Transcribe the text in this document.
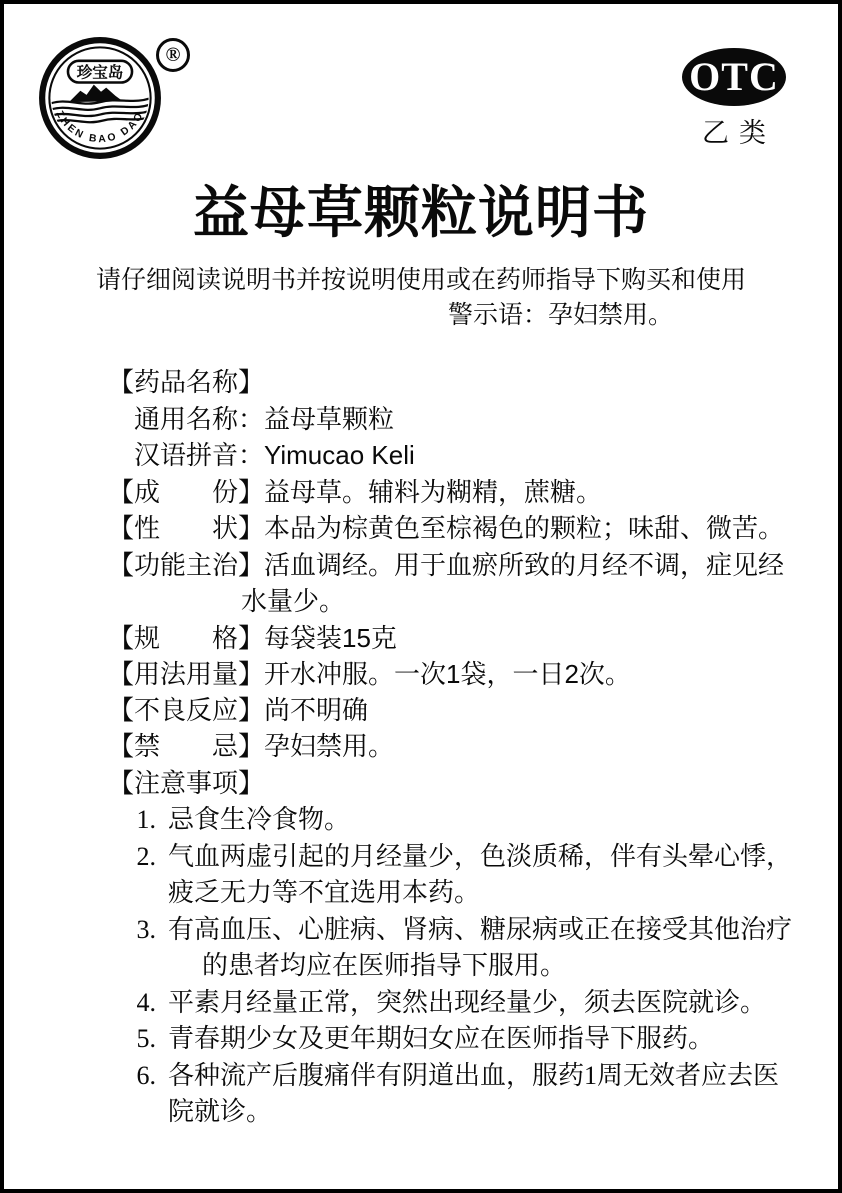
珍宝岛
ZHEN BAO DAO
®	OTC
乙类
益母草颗粒说明书
请仔细阅读说明书并按说明使用或在药师指导下购买和使用
警示语：孕妇禁用。
【药品名称】
通用名称：益母草颗粒
汉语拼音：Yimucao Keli
【成　　份】益母草。辅料为糊精，蔗糖。
【性　　状】本品为棕黄色至棕褐色的颗粒；味甜、微苦。
【功能主治】活血调经。用于血瘀所致的月经不调，症见经
水量少。
【规　　格】每袋装15克
【用法用量】开水冲服。一次1袋，一日2次。
【不良反应】尚不明确
【禁　　忌】孕妇禁用。
【注意事项】
1. 忌食生冷食物。
2. 气血两虚引起的月经量少，色淡质稀，伴有头晕心悸，
疲乏无力等不宜选用本药。
3. 有高血压、心脏病、肾病、糖尿病或正在接受其他治疗
的患者均应在医师指导下服用。
4. 平素月经量正常，突然出现经量少，须去医院就诊。
5. 青春期少女及更年期妇女应在医师指导下服药。
6. 各种流产后腹痛伴有阴道出血，服药1周无效者应去医
院就诊。
